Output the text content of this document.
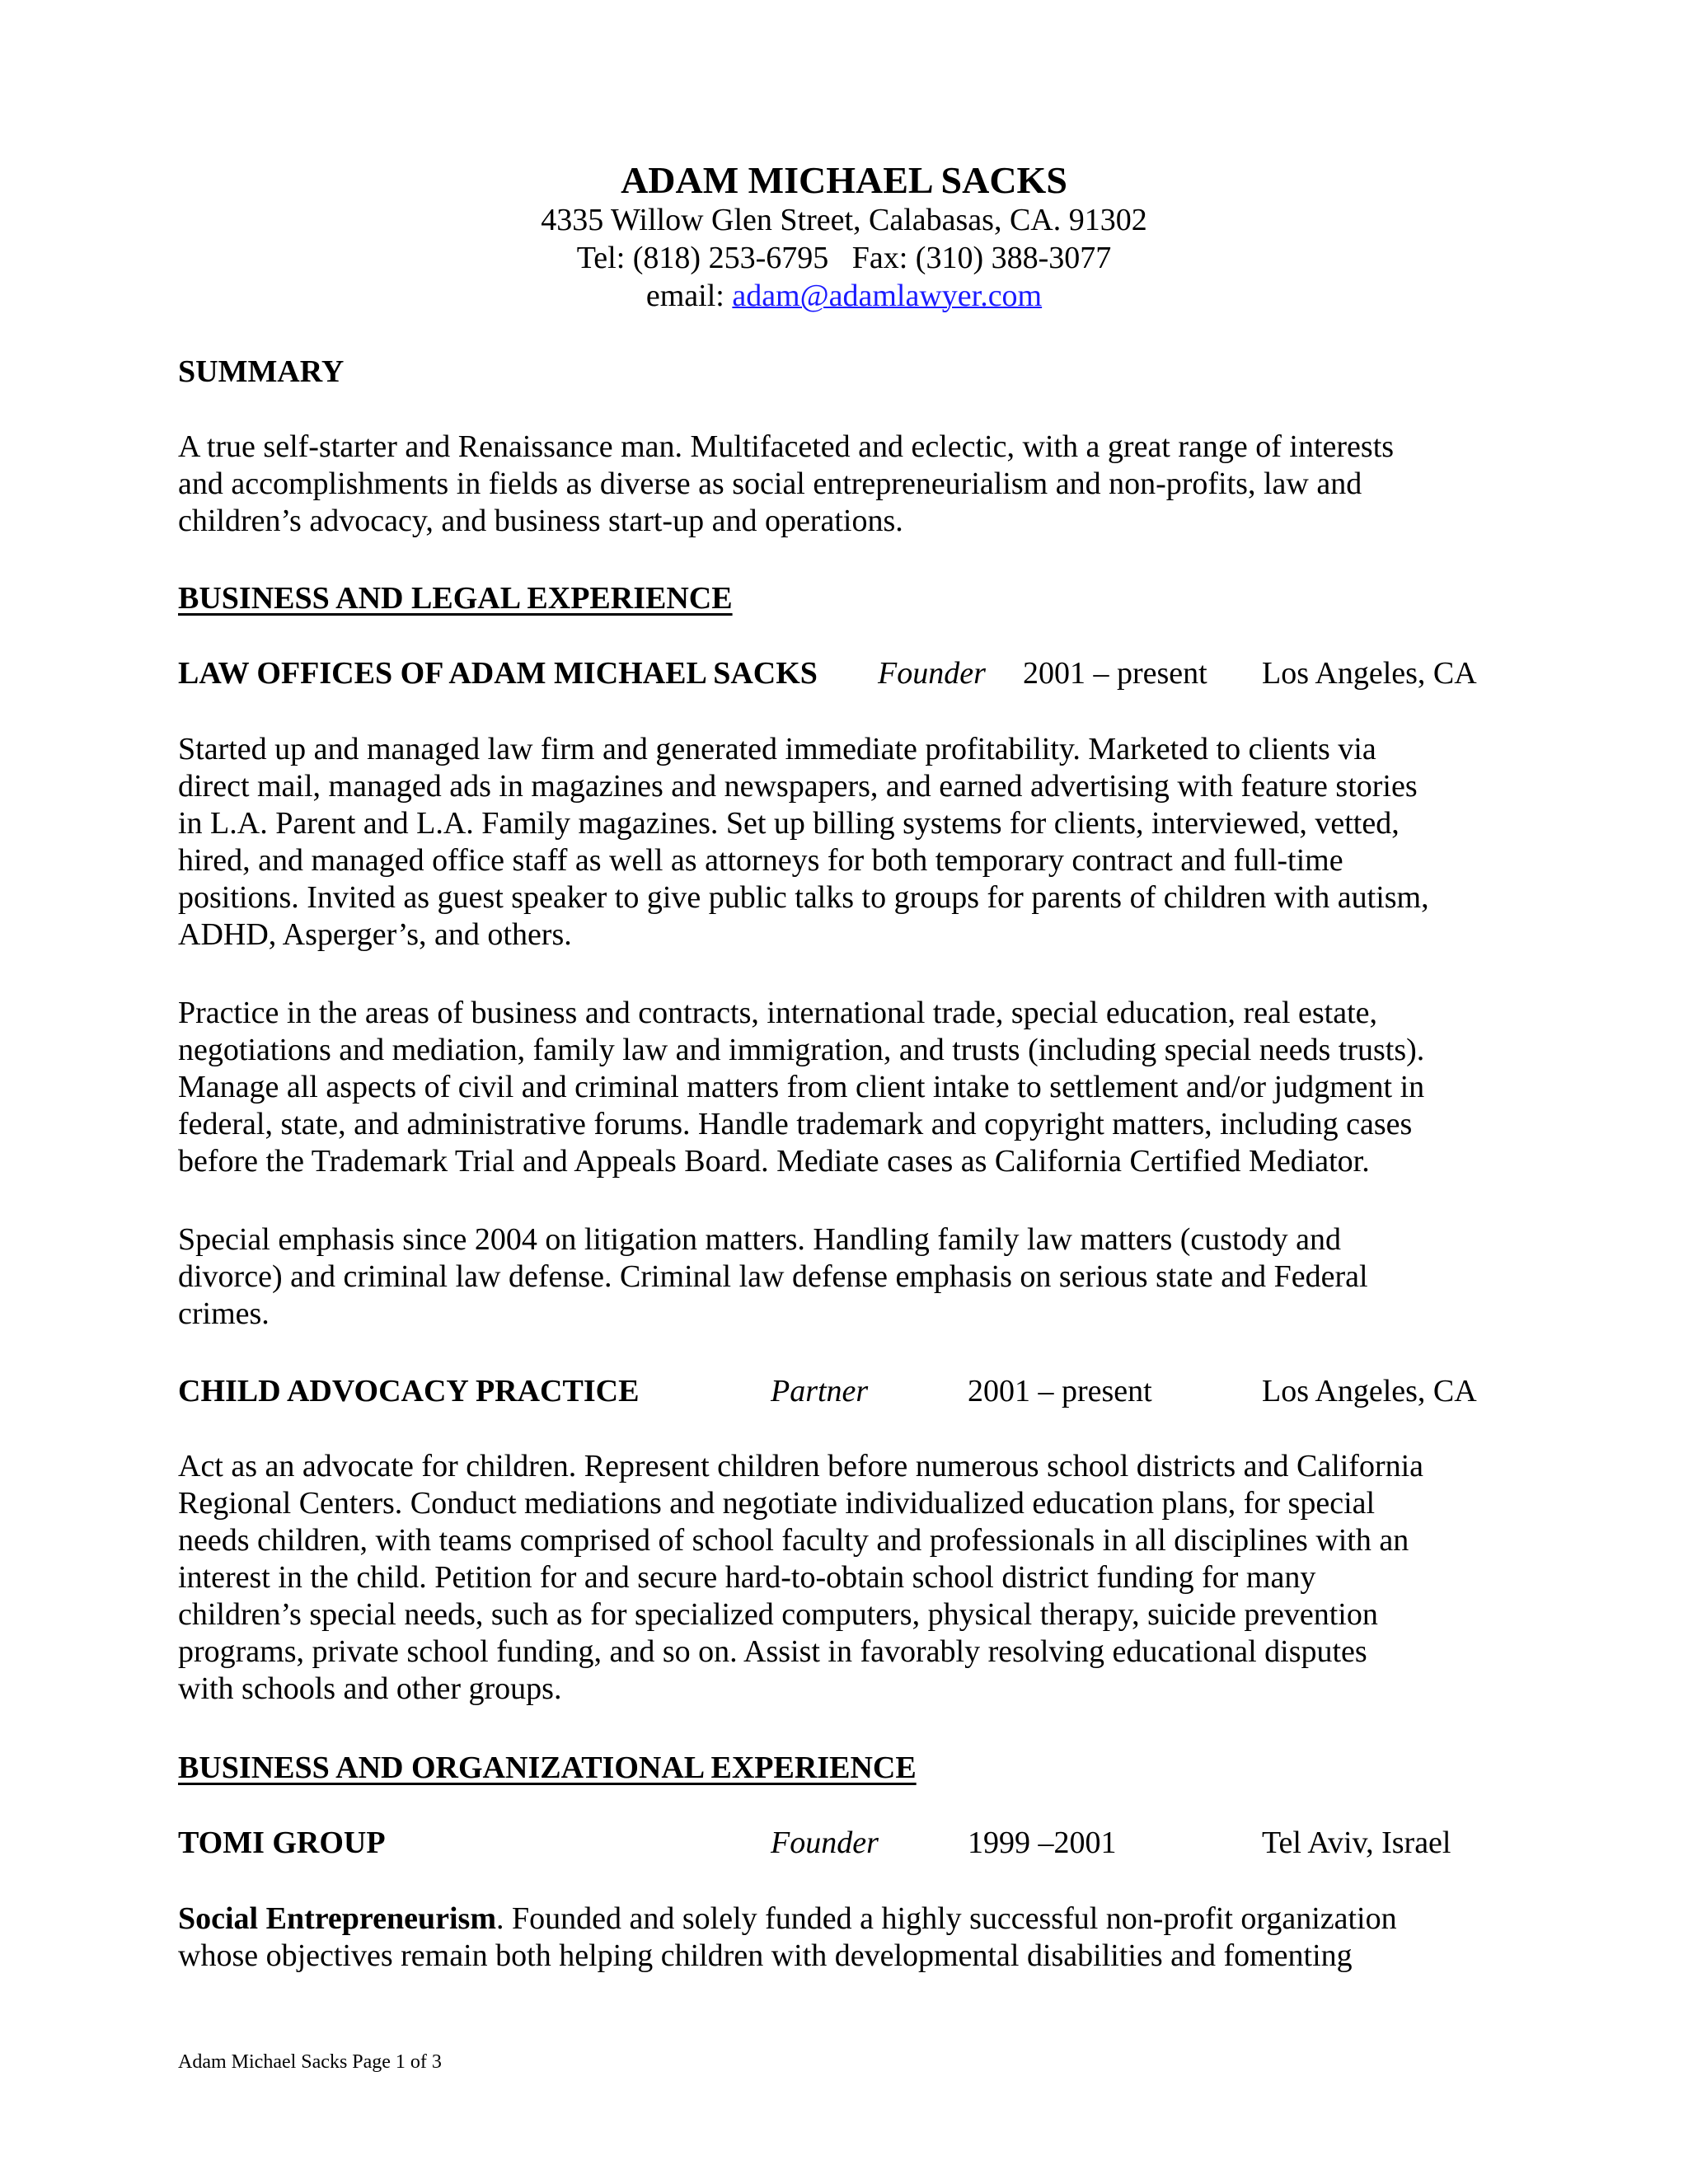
ADAM MICHAEL SACKS
4335 Willow Glen Street, Calabasas, CA. 91302
Tel: (818) 253-6795   Fax: (310) 388-3077
email: adam@adamlawyer.com
SUMMARY
A true self-starter and Renaissance man. Multifaceted and eclectic, with a great range of interests
and accomplishments in fields as diverse as social entrepreneurialism and non-profits, law and
children’s advocacy, and business start-up and operations.
BUSINESS AND LEGAL EXPERIENCE
LAW OFFICES OF ADAM MICHAEL SACKS Founder 2001 – present Los Angeles, CA
Started up and managed law firm and generated immediate profitability. Marketed to clients via
direct mail, managed ads in magazines and newspapers, and earned advertising with feature stories
in L.A. Parent and L.A. Family magazines. Set up billing systems for clients, interviewed, vetted,
hired, and managed office staff as well as attorneys for both temporary contract and full-time
positions. Invited as guest speaker to give public talks to groups for parents of children with autism,
ADHD, Asperger’s, and others.
Practice in the areas of business and contracts, international trade, special education, real estate,
negotiations and mediation, family law and immigration, and trusts (including special needs trusts).
Manage all aspects of civil and criminal matters from client intake to settlement and/or judgment in
federal, state, and administrative forums. Handle trademark and copyright matters, including cases
before the Trademark Trial and Appeals Board. Mediate cases as California Certified Mediator.
Special emphasis since 2004 on litigation matters. Handling family law matters (custody and
divorce) and criminal law defense. Criminal law defense emphasis on serious state and Federal
crimes.
CHILD ADVOCACY PRACTICE	Partner	2001 – present	Los Angeles, CA
Act as an advocate for children. Represent children before numerous school districts and California
Regional Centers. Conduct mediations and negotiate individualized education plans, for special
needs children, with teams comprised of school faculty and professionals in all disciplines with an
interest in the child. Petition for and secure hard-to-obtain school district funding for many
children’s special needs, such as for specialized computers, physical therapy, suicide prevention
programs, private school funding, and so on. Assist in favorably resolving educational disputes
with schools and other groups.
BUSINESS AND ORGANIZATIONAL EXPERIENCE
TOMI GROUP	Founder	1999 –2001	Tel Aviv, Israel
Social Entrepreneurism. Founded and solely funded a highly successful non-profit organization
whose objectives remain both helping children with developmental disabilities and fomenting
Adam Michael Sacks Page 1 of 3
